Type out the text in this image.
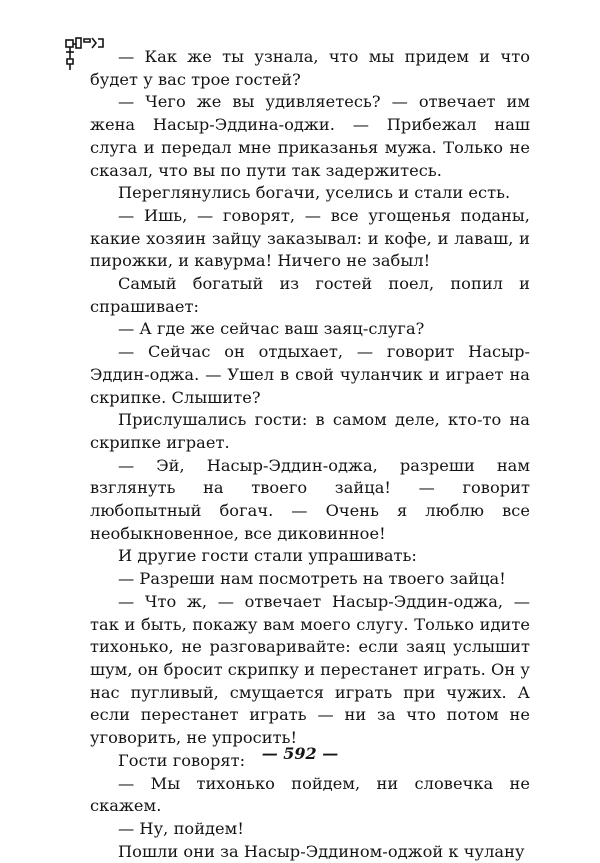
— Как же ты узнала, что мы придем и что будет у вас трое гостей?

— Чего же вы удивляетесь? — отвечает им жена Насыр-Эддина-оджи. — Прибежал наш слуга и передал мне приказанья мужа. Только не сказал, что вы по пути так задержитесь.

Переглянулись богачи, уселись и стали есть.

— Ишь, — говорят, — все угощенья поданы, какие хозяин зайцу заказывал: и кофе, и лаваш, и пирожки, и кавурма! Ничего не забыл!

Самый богатый из гостей поел, попил и спрашивает:

— А где же сейчас ваш заяц-слуга?

— Сейчас он отдыхает, — говорит Насыр-Эддин-оджа. — Ушел в свой чуланчик и играет на скрипке. Слышите?

Прислушались гости: в самом деле, кто-то на скрипке играет.

— Эй, Насыр-Эддин-оджа, разреши нам взглянуть на твоего зайца! — говорит любопытный богач. — Очень я люблю все необыкновенное, все диковинное!

И другие гости стали упрашивать:

— Разреши нам посмотреть на твоего зайца!

— Что ж, — отвечает Насыр-Эддин-оджа, — так и быть, покажу вам моего слугу. Только идите тихонько, не разговаривайте: если заяц услышит шум, он бросит скрипку и перестанет играть. Он у нас пугливый, смущается играть при чужих. А если перестанет играть — ни за что потом не уговорить, не упросить!

Гости говорят:

— Мы тихонько пойдем, ни словечка не скажем.

— Ну, пойдем!

Пошли они за Насыр-Эддином-оджой к чулану

— 592 —
